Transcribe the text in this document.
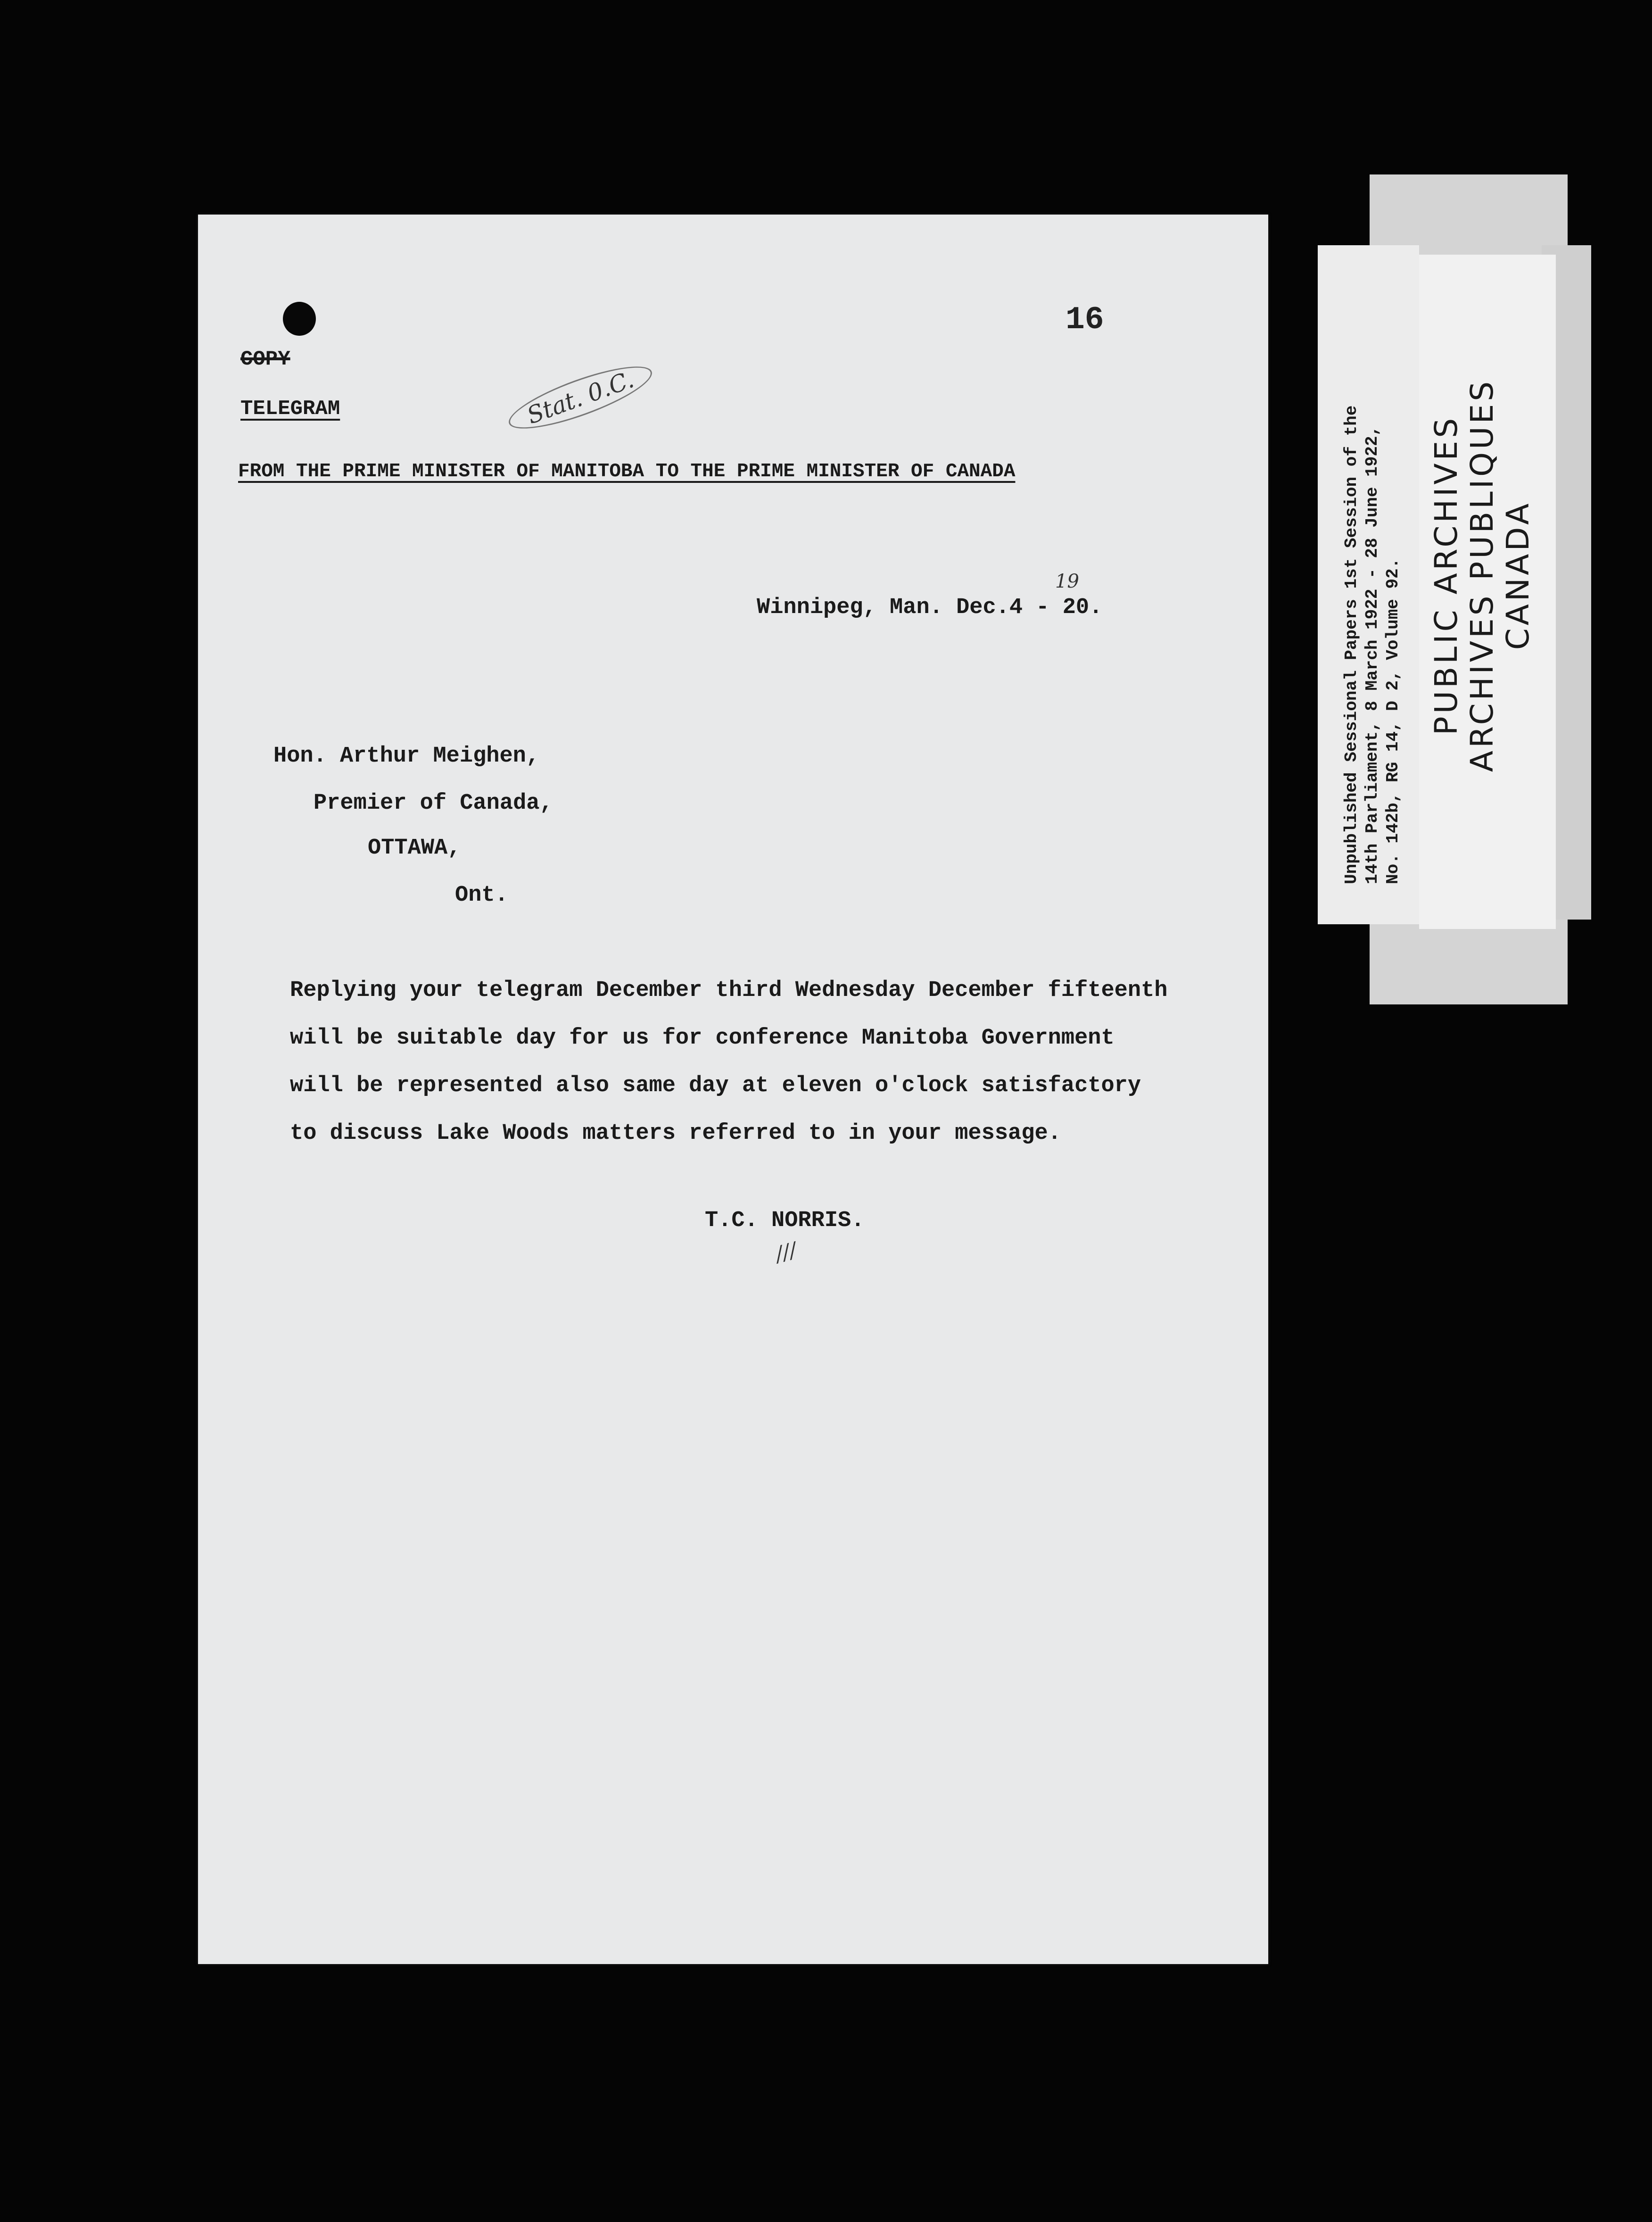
PUBLIC ARCHIVES ARCHIVES PUBLIQUES CANADA
Unpublished Sessional Papers 1st Session of the 14th Parliament, 8 March 1922 - 28 June 1922, No. 142b, RG 14, D 2, Volume 92.
16
COPY
TELEGRAM	Stat. 0.C.
FROM THE PRIME MINISTER OF MANITOBA TO THE PRIME MINISTER OF CANADA
Winnipeg, Man. Dec.4 - 20.
19
Hon. Arthur Meighen,
Premier of Canada,
OTTAWA,
Ont.
Replying your telegram December third Wednesday December fifteenth
will be suitable day for us for conference Manitoba Government
will be represented also same day at eleven o'clock satisfactory
to discuss Lake Woods matters referred to in your message.
T.C. NORRIS.
///
